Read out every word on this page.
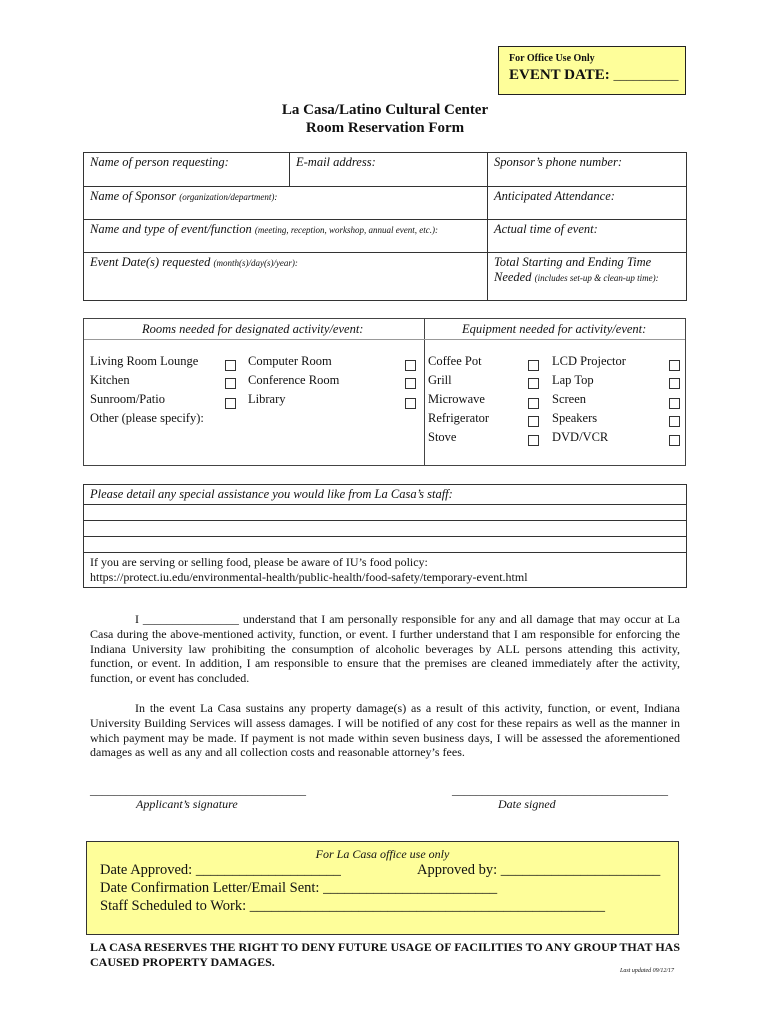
For Office Use Only
EVENT DATE: __________
La Casa/Latino Cultural Center
Room Reservation Form
Name of person requesting:	E-mail address:	Sponsor’s phone number:
Name of Sponsor (organization/department):		Anticipated Attendance:
Name and type of event/function (meeting, reception, workshop, annual event, etc.):		Actual time of event:
Event Date(s) requested (month(s)/day(s)/year):		Total Starting and Ending Time
Needed (includes set-up & clean-up time):
Rooms needed for designated activity/event:	Equipment needed for activity/event:
Living Room Lounge
Kitchen
Sunroom/Patio
Other (please specify):
Computer Room
Conference Room
Library
Coffee Pot
Grill
Microwave
Refrigerator
Stove
LCD Projector
Lap Top
Screen
Speakers
DVD/VCR
Please detail any special assistance you would like from La Casa’s staff:

If you are serving or selling food, please be aware of IU’s food policy:
https://protect.iu.edu/environmental-health/public-health/food-safety/temporary-event.html
I ________________ understand that I am personally responsible for any and all damage that may occur at La Casa during the above-mentioned activity, function, or event. I further understand that I am responsible for enforcing the Indiana University law prohibiting the consumption of alcoholic beverages by ALL persons attending this activity, function, or event. In addition, I am responsible to ensure that the premises are cleaned immediately after the activity, function, or event has concluded.
In the event La Casa sustains any property damage(s) as a result of this activity, function, or event, Indiana University Building Services will assess damages. I will be notified of any cost for these repairs as well as the manner in which payment may be made. If payment is not made within seven business days, I will be assessed the aforementioned damages as well as any and all collection costs and reasonable attorney’s fees.
____________________________________	____________________________________
Applicant’s signature	Date signed
For La Casa office use only
Date Approved: ____________________	Approved by: ______________________
Date Confirmation Letter/Email Sent: ________________________
Staff Scheduled to Work: _________________________________________________
LA CASA RESERVES THE RIGHT TO DENY FUTURE USAGE OF FACILITIES TO ANY GROUP THAT HAS CAUSED PROPERTY DAMAGES.
Last updated 09/12/17
